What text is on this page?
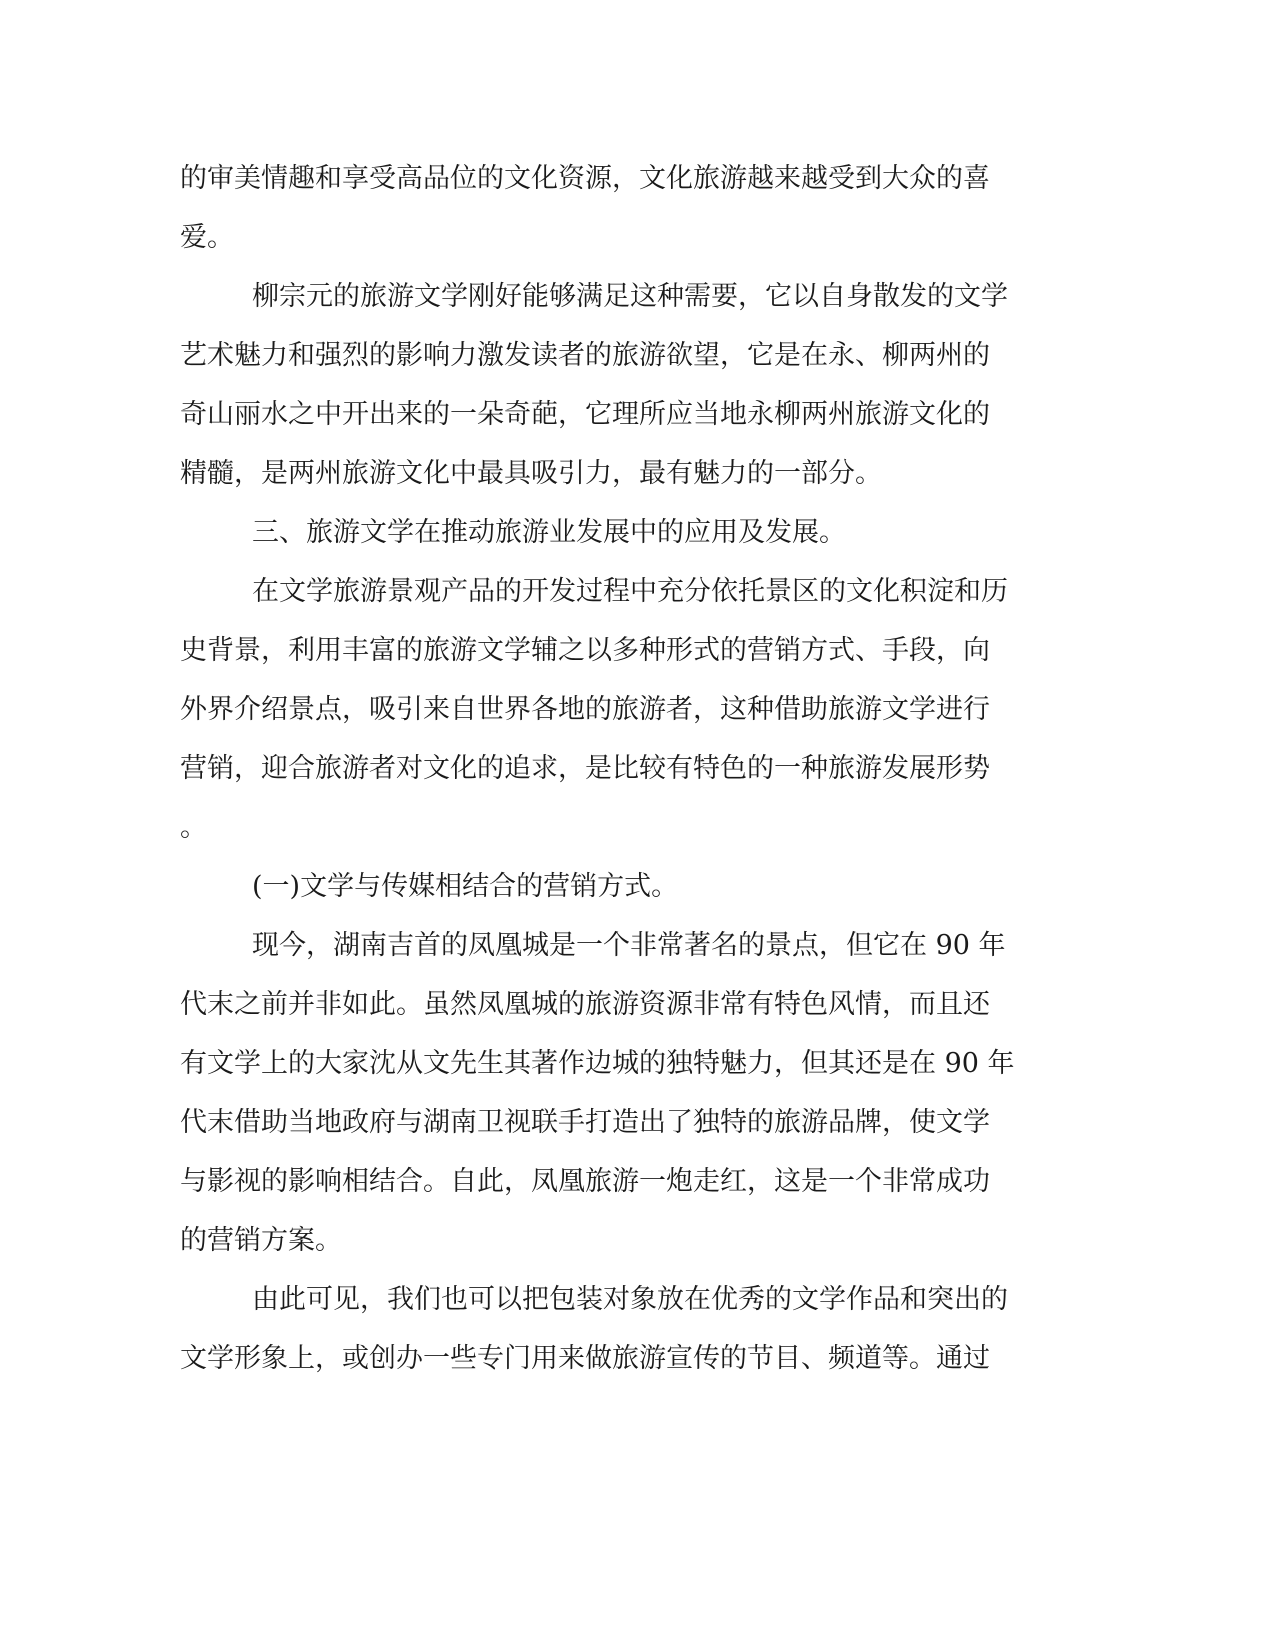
的审美情趣和享受高品位的文化资源，文化旅游越来越受到大众的喜

爱。

柳宗元的旅游文学刚好能够满足这种需要，它以自身散发的文学

艺术魅力和强烈的影响力激发读者的旅游欲望，它是在永、柳两州的

奇山丽水之中开出来的一朵奇葩，它理所应当地永柳两州旅游文化的

精髓，是两州旅游文化中最具吸引力，最有魅力的一部分。

三、旅游文学在推动旅游业发展中的应用及发展。

在文学旅游景观产品的开发过程中充分依托景区的文化积淀和历

史背景，利用丰富的旅游文学辅之以多种形式的营销方式、手段，向

外界介绍景点，吸引来自世界各地的旅游者，这种借助旅游文学进行

营销，迎合旅游者对文化的追求，是比较有特色的一种旅游发展形势

。

(一)文学与传媒相结合的营销方式。

现今，湖南吉首的凤凰城是一个非常著名的景点，但它在 90 年

代末之前并非如此。虽然凤凰城的旅游资源非常有特色风情，而且还

有文学上的大家沈从文先生其著作边城的独特魅力，但其还是在 90 年

代末借助当地政府与湖南卫视联手打造出了独特的旅游品牌，使文学

与影视的影响相结合。自此，凤凰旅游一炮走红，这是一个非常成功

的营销方案。

由此可见，我们也可以把包装对象放在优秀的文学作品和突出的

文学形象上，或创办一些专门用来做旅游宣传的节目、频道等。通过
